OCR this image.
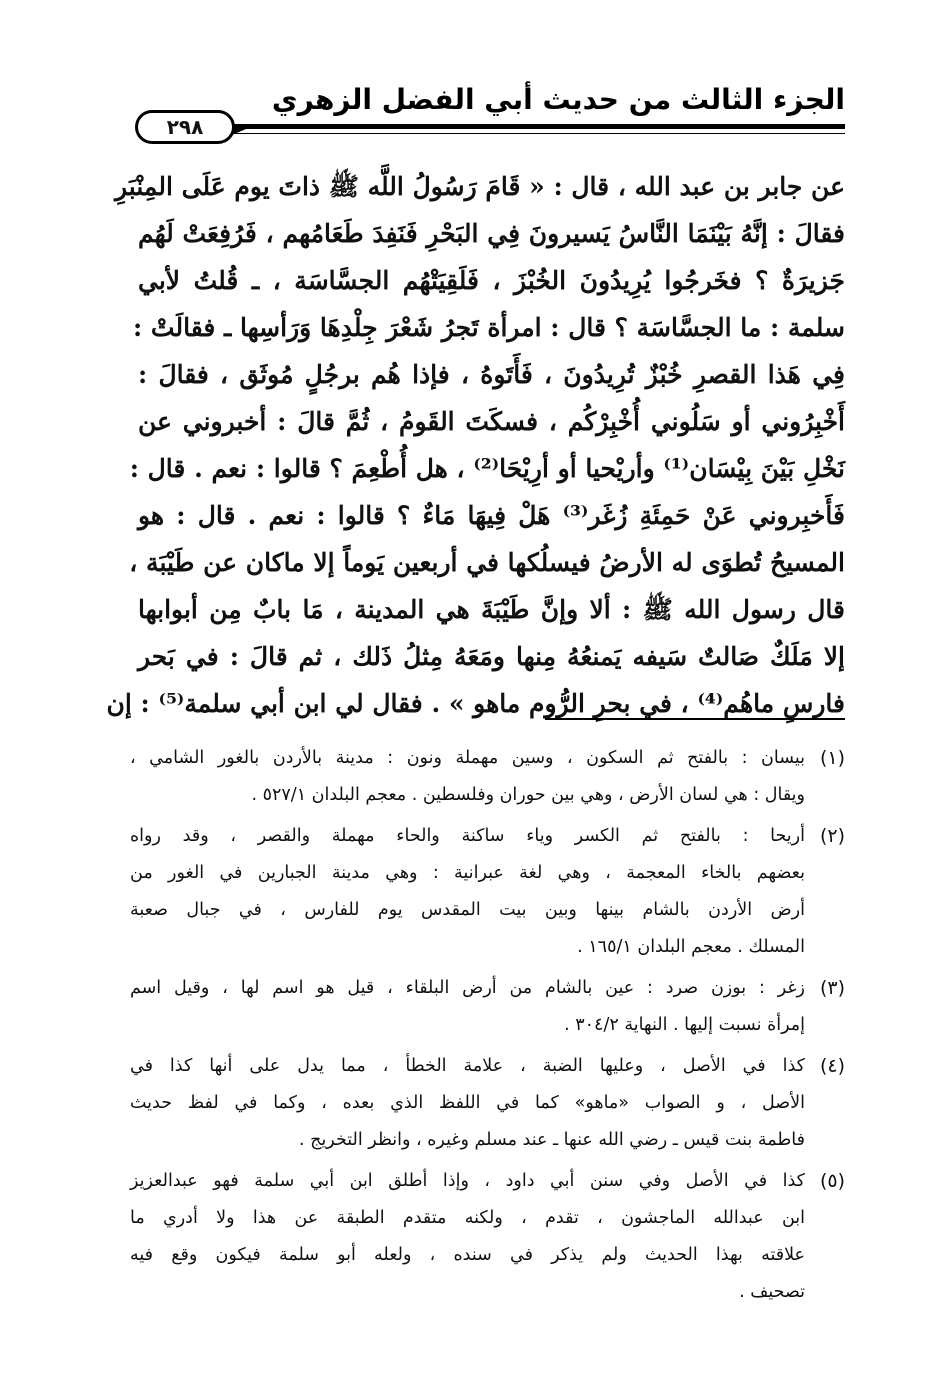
الجزء الثالث من حديث أبي الفضل الزهري
٢٩٨
عن جابر بن عبد الله ، قال : « قَامَ رَسُولُ اللَّه ﷺ ذاتَ يوم عَلَى المِنْبَرِ
فقالَ : إنَّهُ بَيْنَمَا النَّاسُ يَسيرونَ فِي البَحْرِ فَنَفِدَ طَعَامُهم ، فَرُفِعَتْ لَهُم
جَزيرَةٌ ؟ فخَرجُوا يُرِيدُونَ الخُبْزَ ، فَلَقِيَتْهُم الجسَّاسَة ، ـ قُلتُ لأبي
سلمة : ما الجسَّاسَة ؟ قال : امرأة تَجرُ شَعْرَ جِلْدِهَا وَرَأسِها ـ فقالَتْ :
فِي هَذا القصرِ خُبْزٌ تُرِيدُونَ ، فَأَتَوهُ ، فإذا هُم برجُلٍ مُوثَق ، فقالَ :
أَخْبِرُوني أو سَلُوني أُخْبِرْكُم ، فسكَتَ القَومُ ، ثُمَّ قالَ : أخبروني عن
نَخْلِ بَيْنَ بِيْسَان⁽¹⁾ وأريْحيا أو أرِيْحَا⁽²⁾ ، هل أُطْعِمَ ؟ قالوا : نعم . قال :
فَأَخبِروني عَنْ حَمِئَةِ زُغَر⁽³⁾ هَلْ فِيهَا مَاءٌ ؟ قالوا : نعم . قال : هو
المسيحُ تُطوَى له الأرضُ فيسلُكها في أربعين يَوماً إلا ماكان عن طَيْبَة ،
قال رسول الله ﷺ : ألا وإنَّ طَيْبَةَ هي المدينة ، مَا بابٌ مِن أبوابها
إلا مَلَكٌ صَالتٌ سَيفه يَمنعُهُ مِنها ومَعَهُ مِثلُ ذَلك ، ثم قالَ : في بَحر
فارسِ ماهُم⁽⁴⁾ ، في بحرِ الرُّوم ماهو » . فقال لي ابن أبي سلمة⁽⁵⁾ : إن
(١)
بيسان : بالفتح ثم السكون ، وسين مهملة ونون : مدينة بالأردن بالغور الشامي ،
ويقال : هي لسان الأرض ، وهي بين حوران وفلسطين . معجم البلدان ٥٢٧/١ .
(٢)
أريحا : بالفتح ثم الكسر وياء ساكنة والحاء مهملة والقصر ، وقد رواه
بعضهم بالخاء المعجمة ، وهي لغة عبرانية : وهي مدينة الجبارين في الغور من
أرض الأردن بالشام بينها وبين بيت المقدس يوم للفارس ، في جبال صعبة
المسلك . معجم البلدان ١٦٥/١ .
(٣)
زغر : بوزن صرد : عين بالشام من أرض البلقاء ، قيل هو اسم لها ، وقيل اسم
إمرأة نسبت إليها . النهاية ٣٠٤/٢ .
(٤)
كذا في الأصل ، وعليها الضبة ، علامة الخطأ ، مما يدل على أنها كذا في
الأصل ، و الصواب «ماهو» كما في اللفظ الذي بعده ، وكما في لفظ حديث
فاطمة بنت قيس ـ رضي الله عنها ـ عند مسلم وغيره ، وانظر التخريج .
(٥)
كذا في الأصل وفي سنن أبي داود ، وإذا أطلق ابن أبي سلمة فهو عبدالعزيز
ابن عبدالله الماجشون ، تقدم ، ولكنه متقدم الطبقة عن هذا ولا أدري ما
علاقته بهذا الحديث ولم يذكر في سنده ، ولعله أبو سلمة فيكون وقع فيه
تصحيف .
